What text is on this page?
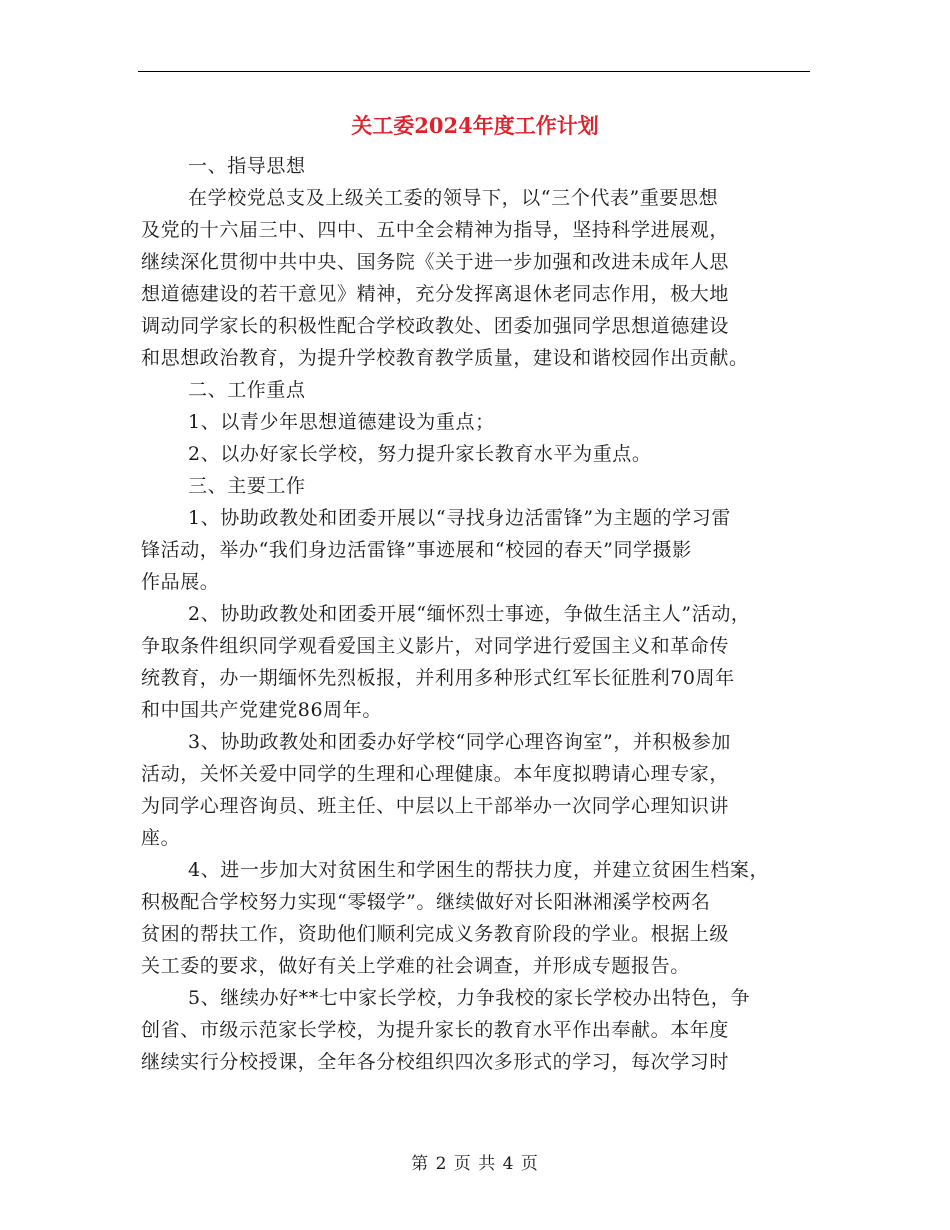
关工委2024年度工作计划
一、指导思想
在学校党总支及上级关工委的领导下，以“三个代表”重要思想
及党的十六届三中、四中、五中全会精神为指导，坚持科学进展观，
继续深化贯彻中共中央、国务院《关于进一步加强和改进未成年人思
想道德建设的若干意见》精神，充分发挥离退休老同志作用，极大地
调动同学家长的积极性配合学校政教处、团委加强同学思想道德建设
和思想政治教育，为提升学校教育教学质量，建设和谐校园作出贡献。
二、工作重点
1、以青少年思想道德建设为重点；
2、以办好家长学校，努力提升家长教育水平为重点。
三、主要工作
1、协助政教处和团委开展以“寻找身边活雷锋”为主题的学习雷
锋活动，举办“我们身边活雷锋”事迹展和“校园的春天”同学摄影
作品展。
2、协助政教处和团委开展“缅怀烈士事迹，争做生活主人”活动，
争取条件组织同学观看爱国主义影片，对同学进行爱国主义和革命传
统教育，办一期缅怀先烈板报，并利用多种形式红军长征胜利70周年
和中国共产党建党86周年。
3、协助政教处和团委办好学校“同学心理咨询室”，并积极参加
活动，关怀关爱中同学的生理和心理健康。本年度拟聘请心理专家，
为同学心理咨询员、班主任、中层以上干部举办一次同学心理知识讲
座。
4、进一步加大对贫困生和学困生的帮扶力度，并建立贫困生档案，
积极配合学校努力实现“零辍学”。继续做好对长阳淋湘溪学校两名
贫困的帮扶工作，资助他们顺利完成义务教育阶段的学业。根据上级
关工委的要求，做好有关上学难的社会调查，并形成专题报告。
5、继续办好**七中家长学校，力争我校的家长学校办出特色，争
创省、市级示范家长学校，为提升家长的教育水平作出奉献。本年度
继续实行分校授课，全年各分校组织四次多形式的学习，每次学习时
第 2 页 共 4 页
